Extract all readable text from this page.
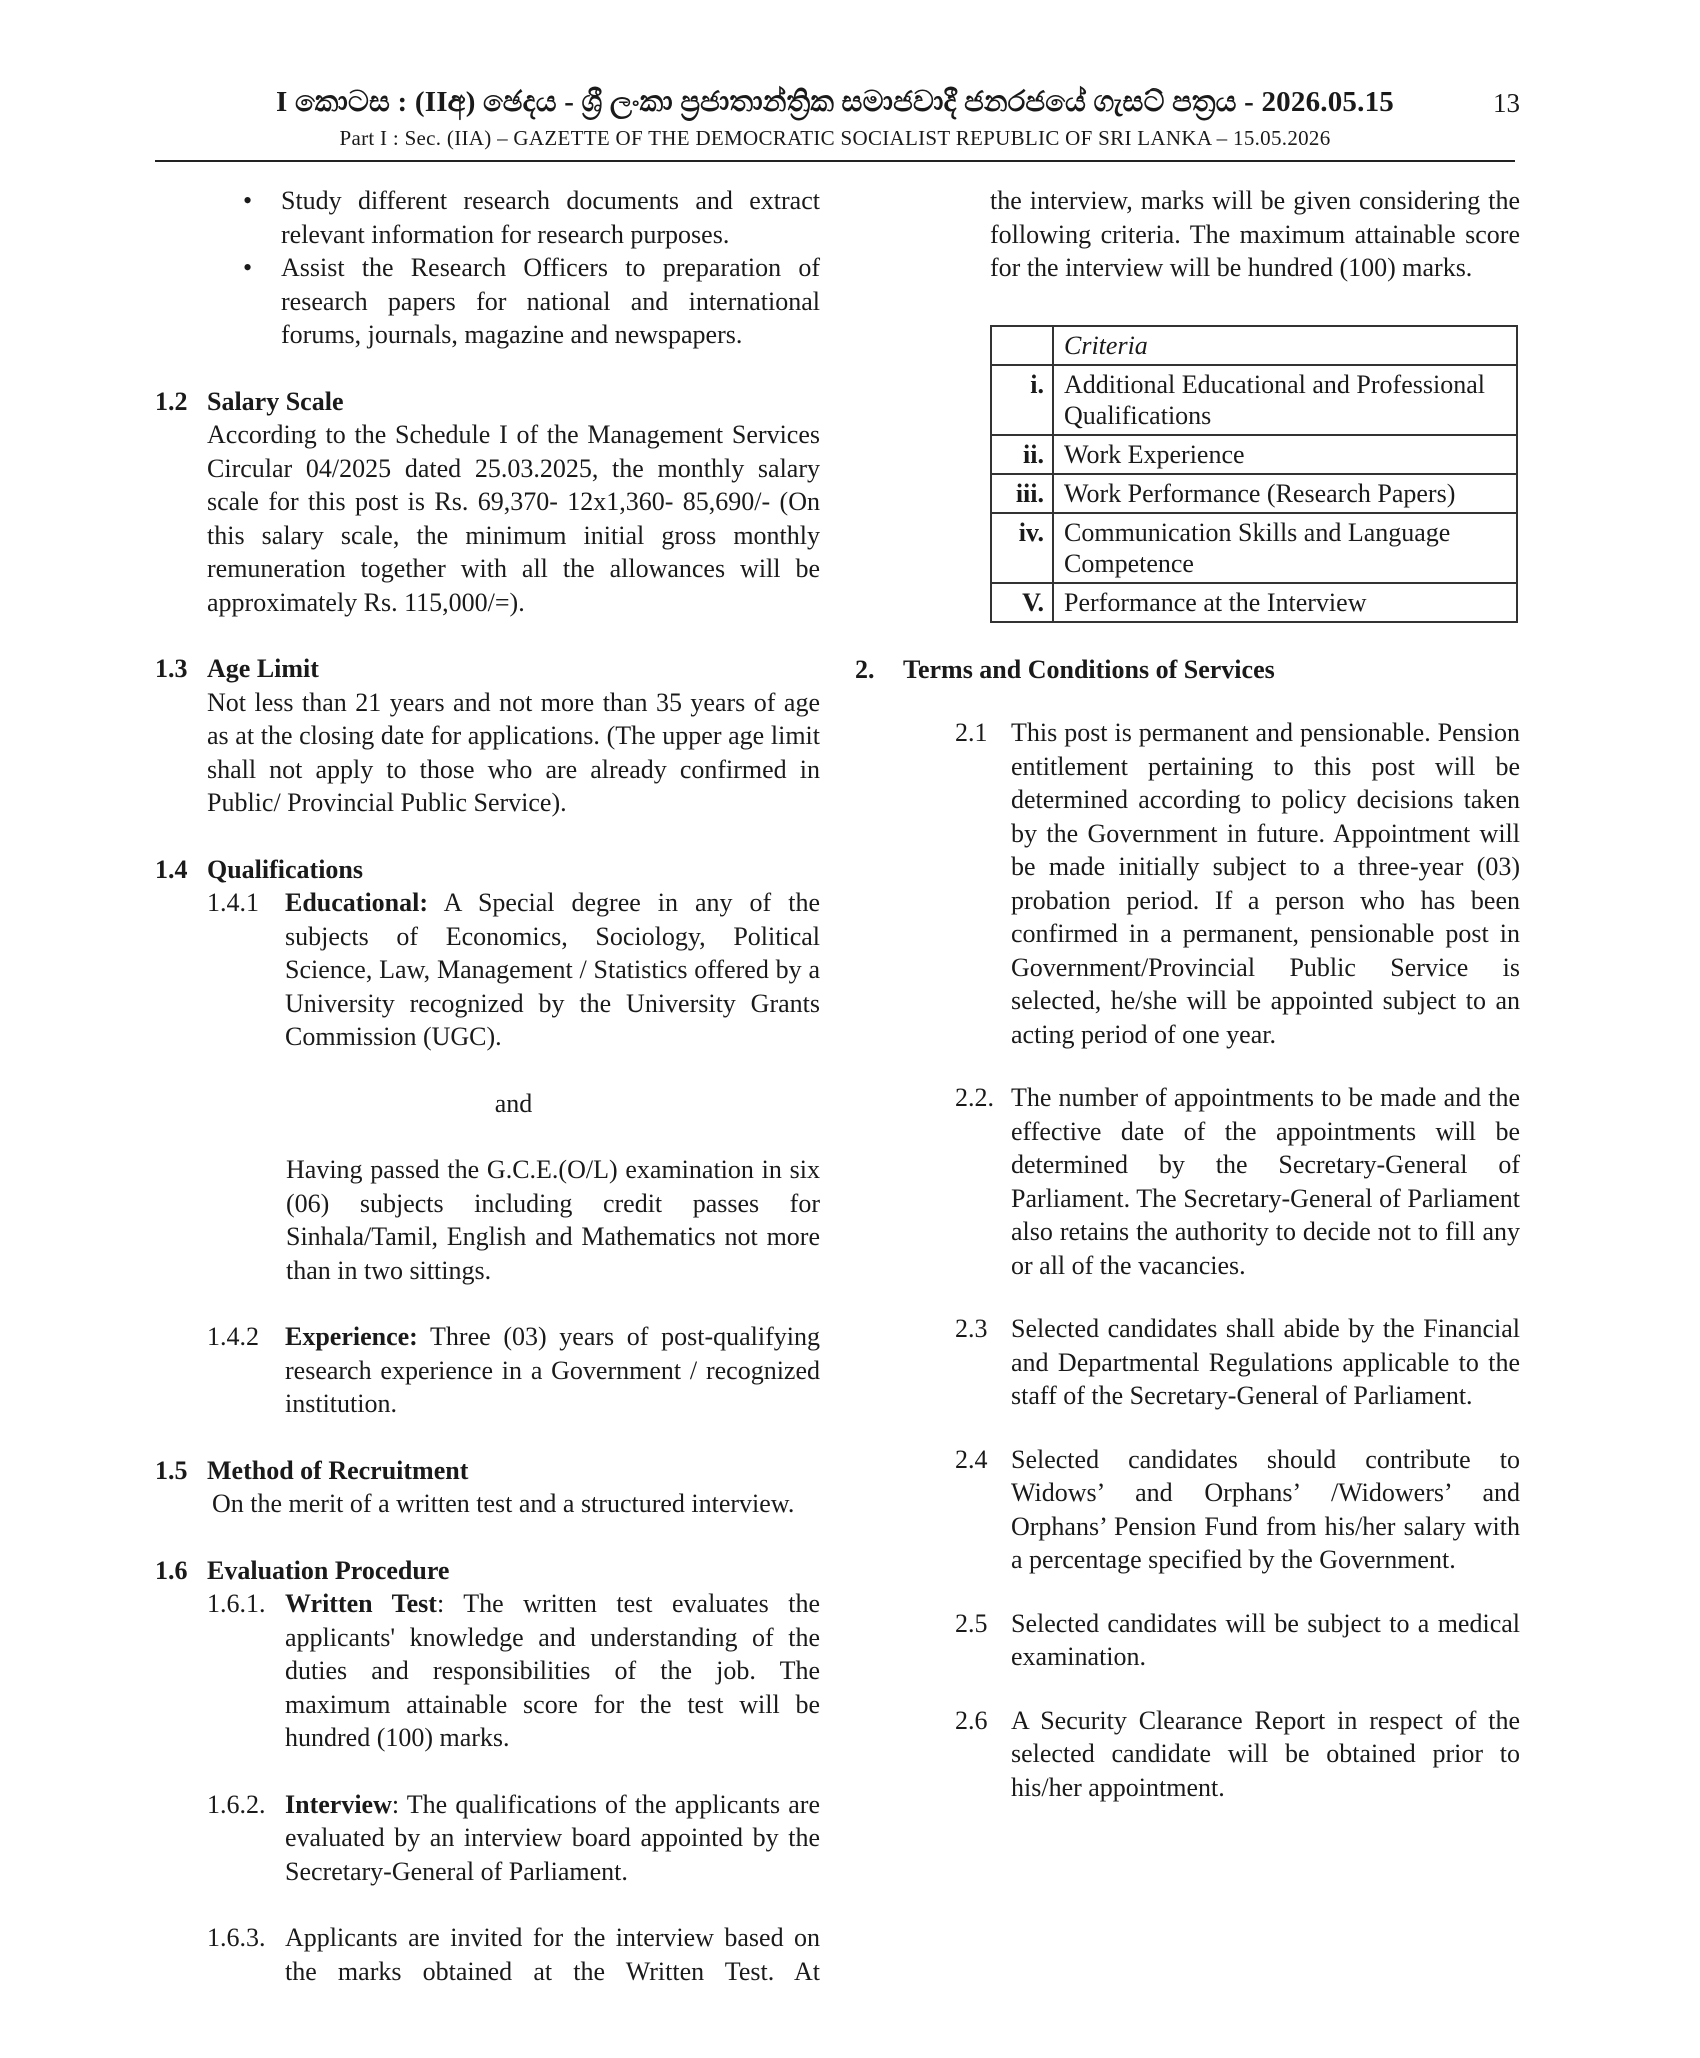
I කොටස : (IIඅ) ඡෙදය - ශ්‍රී ලංකා ප්‍රජාතාන්ත්‍රික සමාජවාදී ජනරජයේ ගැසට් පත්‍රය - 2026.05.15	13
Part I : Sec. (IIA) – GAZETTE OF THE DEMOCRATIC SOCIALIST REPUBLIC OF SRI LANKA – 15.05.2026
• Study different research documents and extract relevant information for research purposes.
• Assist the Research Officers to preparation of research papers for national and international forums, journals, magazine and newspapers.
1.2 Salary Scale
According to the Schedule I of the Management Services Circular 04/2025 dated 25.03.2025, the monthly salary scale for this post is Rs. 69,370- 12x1,360- 85,690/- (On this salary scale, the minimum initial gross monthly remuneration together with all the allowances will be approximately Rs. 115,000/=).
1.3 Age Limit
Not less than 21 years and not more than 35 years of age as at the closing date for applications. (The upper age limit shall not apply to those who are already confirmed in Public/ Provincial Public Service).
1.4 Qualifications
1.4.1	Educational: A Special degree in any of the subjects of Economics, Sociology, Political Science, Law, Management / Statistics offered by a University recognized by the University Grants Commission (UGC).
and
Having passed the G.C.E.(O/L) examination in six (06) subjects including credit passes for Sinhala/Tamil, English and Mathematics not more than in two sittings.
1.4.2	Experience: Three (03) years of post-qualifying research experience in a Government / recognized institution.
1.5 Method of Recruitment
On the merit of a written test and a structured interview.
1.6 Evaluation Procedure
1.6.1. Written Test: The written test evaluates the applicants' knowledge and understanding of the duties and responsibilities of the job. The maximum attainable score for the test will be hundred (100) marks.
1.6.2. Interview: The qualifications of the applicants are evaluated by an interview board appointed by the Secretary-General of Parliament.
1.6.3. Applicants are invited for the interview based on the marks obtained at the Written Test. At
the interview, marks will be given considering the following criteria. The maximum attainable score for the interview will be hundred (100) marks.
	Criteria
i.	Additional Educational and Professional Qualifications
ii.	Work Experience
iii.	Work Performance (Research Papers)
iv.	Communication Skills and Language Competence
V.	Performance at the Interview
2.	Terms and Conditions of Services
2.1 This post is permanent and pensionable. Pension entitlement pertaining to this post will be determined according to policy decisions taken by the Government in future. Appointment will be made initially subject to a three-year (03) probation period. If a person who has been confirmed in a permanent, pensionable post in Government/Provincial Public Service is selected, he/she will be appointed subject to an acting period of one year.
2.2. The number of appointments to be made and the effective date of the appointments will be determined by the Secretary-General of Parliament. The Secretary-General of Parliament also retains the authority to decide not to fill any or all of the vacancies.
2.3 Selected candidates shall abide by the Financial and Departmental Regulations applicable to the staff of the Secretary-General of Parliament.
2.4 Selected candidates should contribute to Widows’ and Orphans’ /Widowers’ and Orphans’ Pension Fund from his/her salary with a percentage specified by the Government.
2.5 Selected candidates will be subject to a medical examination.
2.6 A Security Clearance Report in respect of the selected candidate will be obtained prior to his/her appointment.
